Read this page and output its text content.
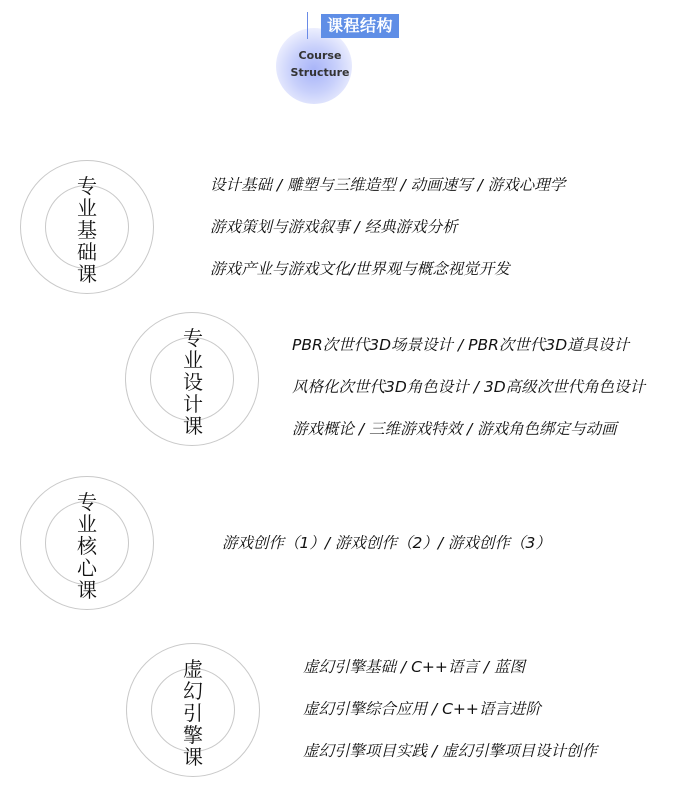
课程结构
Course
Structure
专
业
基
础
课
设计基础 / 雕塑与三维造型 / 动画速写 / 游戏心理学
游戏策划与游戏叙事 / 经典游戏分析
游戏产业与游戏文化/世界观与概念视觉开发
专
业
设
计
课
PBR次世代3D场景设计 / PBR次世代3D道具设计
风格化次世代3D角色设计 / 3D高级次世代角色设计
游戏概论 / 三维游戏特效 / 游戏角色绑定与动画
专
业
核
心
课
游戏创作（1）/ 游戏创作（2）/ 游戏创作（3）
虚
幻
引
擎
课
虚幻引擎基础 / C++语言 / 蓝图
虚幻引擎综合应用 / C++语言进阶
虚幻引擎项目实践 / 虚幻引擎项目设计创作
